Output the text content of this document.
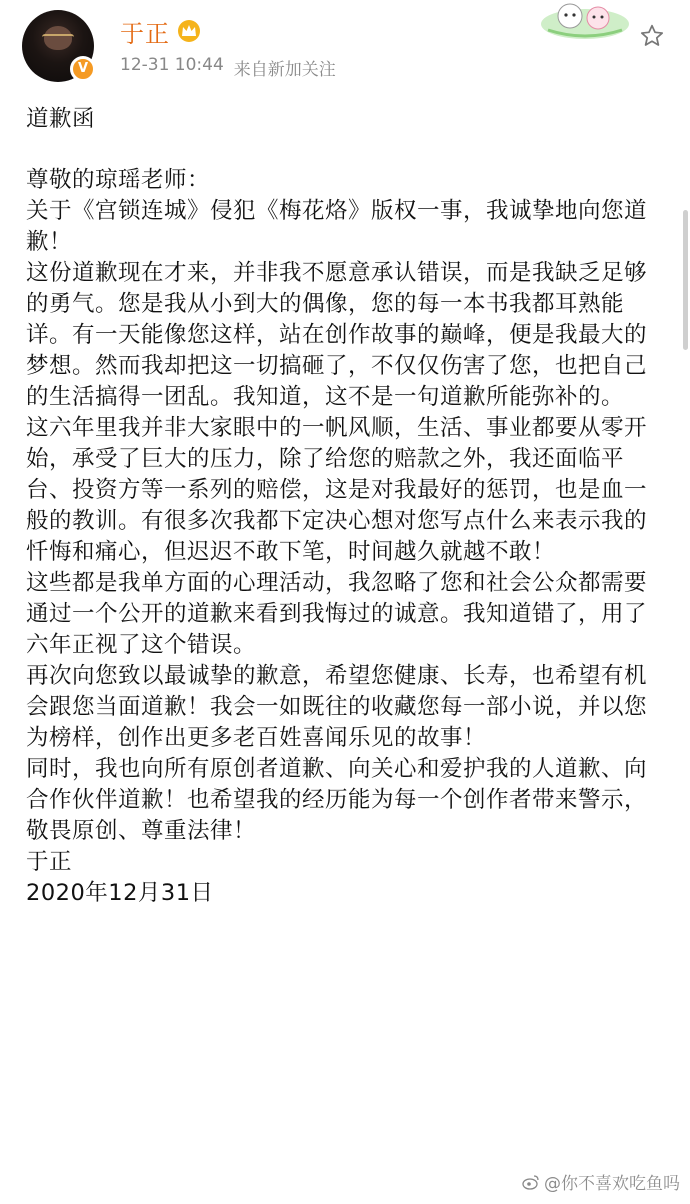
V
于正
12-31 10:44 来自新加关注

道歉函

尊敬的琼瑶老师：

关于《宫锁连城》侵犯《梅花烙》版权一事，我诚挚地向您道歉！

这份道歉现在才来，并非我不愿意承认错误，而是我缺乏足够的勇气。您是我从小到大的偶像，您的每一本书我都耳熟能详。有一天能像您这样，站在创作故事的巅峰，便是我最大的梦想。然而我却把这一切搞砸了，不仅仅伤害了您，也把自己的生活搞得一团乱。我知道，这不是一句道歉所能弥补的。

这六年里我并非大家眼中的一帆风顺，生活、事业都要从零开始，承受了巨大的压力，除了给您的赔款之外，我还面临平台、投资方等一系列的赔偿，这是对我最好的惩罚，也是血一般的教训。有很多次我都下定决心想对您写点什么来表示我的忏悔和痛心，但迟迟不敢下笔，时间越久就越不敢！

这些都是我单方面的心理活动，我忽略了您和社会公众都需要通过一个公开的道歉来看到我悔过的诚意。我知道错了，用了六年正视了这个错误。

再次向您致以最诚挚的歉意，希望您健康、长寿，也希望有机会跟您当面道歉！我会一如既往的收藏您每一部小说，并以您为榜样，创作出更多老百姓喜闻乐见的故事！

同时，我也向所有原创者道歉、向关心和爱护我的人道歉、向合作伙伴道歉！也希望我的经历能为每一个创作者带来警示，敬畏原创、尊重法律！

于正

2020年12月31日

@你不喜欢吃鱼吗
